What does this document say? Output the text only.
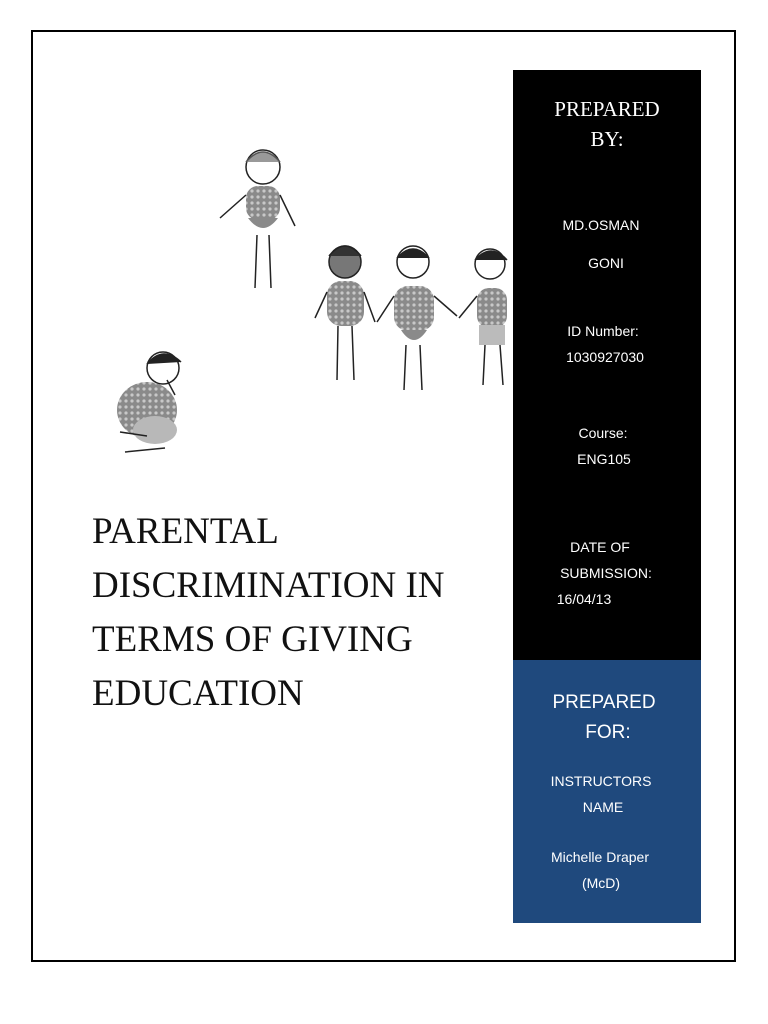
PARENTAL
DISCRIMINATION IN
TERMS OF GIVING
EDUCATION
PREPARED
BY:
MD.OSMAN
GONI
ID Number:
1030927030
Course:
ENG105
DATE OF
SUBMISSION:
16/04/13
PREPARED
FOR:
INSTRUCTORS
NAME
Michelle Draper
(McD)
